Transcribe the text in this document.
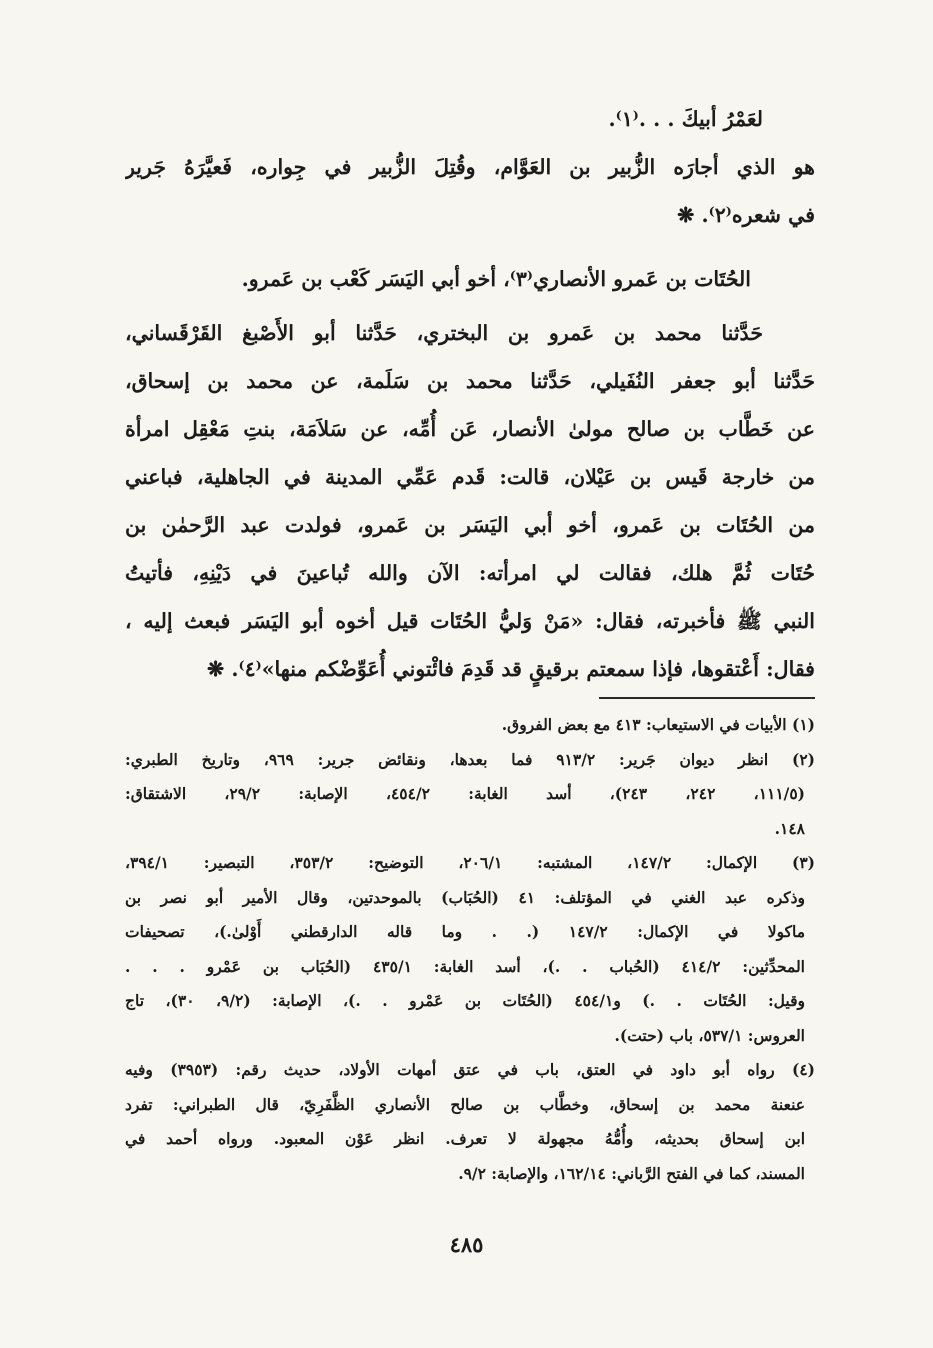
لعَمْرُ أبيكَ . . .⁽١⁾.
هو الذي أجارَه الزُّبير بن العَوَّام، وقُتِلَ الزُّبير في جِواره، فَعيَّرَهُ جَرير
في شعره⁽٢⁾. ❋
الحُتَات بن عَمرو الأنصاري⁽٣⁾، أخو أبي اليَسَر كَعْب بن عَمرو.
حَدَّثنا محمد بن عَمرو بن البختري، حَدَّثنا أبو الأَصْبغ القَرْقَساني،
حَدَّثنا أبو جعفر النُفَيلي، حَدَّثنا محمد بن سَلَمة، عن محمد بن إسحاق،
عن خَطَّاب بن صالح مولىٰ الأنصار، عَن أُمِّه، عن سَلاَمَة، بنتِ مَعْقِل امرأة
من خارجة قَيس بن عَيْلان، قالت: قَدم عَمِّي المدينة في الجاهلية، فباعني
من الحُتَات بن عَمرو، أخو أبي اليَسَر بن عَمرو، فولدت عبد الرَّحمٰن بن
حُتَات ثُمَّ هلك، فقالت لي امرأته: الآن والله تُباعينَ في دَيْنِهِ، فأتيتُ
النبي ﷺ فأخبرته، فقال: «مَنْ وَليُّ الحُتَات قيل أخوه أبو اليَسَر فبعث إليه ،
فقال: أَعْتقوها، فإذا سمعتم برقيقٍ قد قَدِمَ فائْتوني أُعَوِّضْكم منها»⁽٤⁾. ❋
(١) الأبيات في الاستيعاب: ٤١٣ مع بعض الفروق.
(٢) انظر ديوان جَرير: ٩١٣/٢ فما بعدها، ونقائض جرير: ٩٦٩، وتاريخ الطبري:
(١١١/٥، ٢٤٢، ٢٤٣)، أسد الغابة: ٤٥٤/٢، الإصابة: ٢٩/٢، الاشتقاق:
١٤٨.
(٣) الإكمال: ١٤٧/٢، المشتبه: ٢٠٦/١، التوضيح: ٣٥٣/٢، التبصير: ٣٩٤/١،
وذكره عبد الغني في المؤتلف: ٤١ (الحُبَاب) بالموحدتين، وقال الأمير أبو نصر بن
ماكولا في الإكمال: ١٤٧/٢ (. . وما قاله الدارقطني أَوْلىٰ.)، تصحيفات
المحدِّثين: ٤١٤/٢ (الحُباب . .)، أسد الغابة: ٤٣٥/١ (الحُبَاب بن عَمْرو . . .
وقيل: الحُتَات . .) و٤٥٤/١ (الحُتَات بن عَمْرو . .)، الإصابة: (٩/٢، ٣٠)، تاج
العروس: ٥٣٧/١، باب (حتت).
(٤) رواه أبو داود في العتق، باب في عتق أمهات الأولاد، حديث رقم: (٣٩٥٣) وفيه
عنعنة محمد بن إسحاق، وخطَّاب بن صالح الأنصاري الظَّفَرِيّ، قال الطبراني: تفرد
ابن إسحاق بحديثه، وأُمُّهُ مجهولة لا تعرف. انظر عَوْن المعبود. ورواه أحمد في
المسند، كما في الفتح الرَّباني: ١٦٢/١٤، والإصابة: ٩/٢.
٤٨٥
